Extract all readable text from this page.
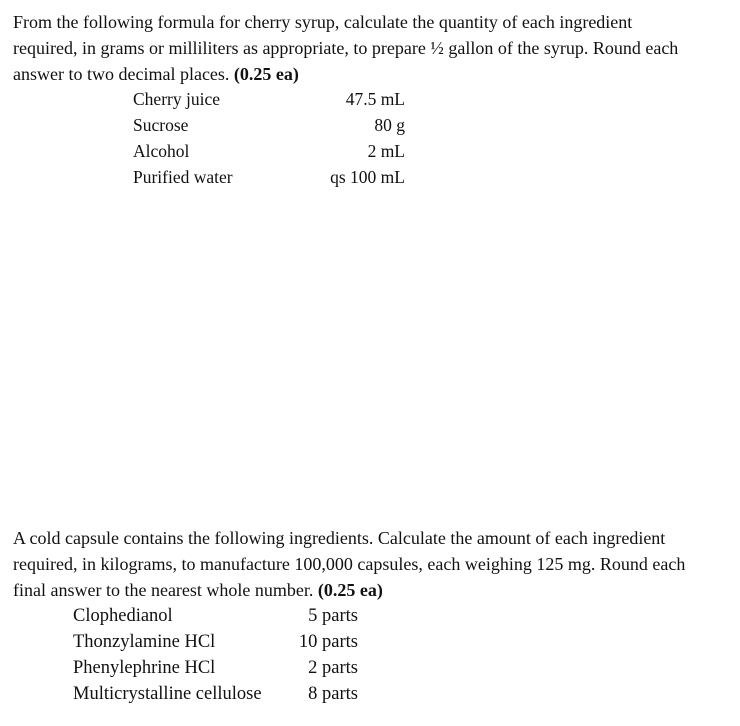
From the following formula for cherry syrup, calculate the quantity of each ingredient
required, in grams or milliliters as appropriate, to prepare ½ gallon of the syrup. Round each
answer to two decimal places. (0.25 ea)
Cherry juice	47.5 mL
Sucrose	80 g
Alcohol	2 mL
Purified water	qs 100 mL
A cold capsule contains the following ingredients. Calculate the amount of each ingredient
required, in kilograms, to manufacture 100,000 capsules, each weighing 125 mg. Round each
final answer to the nearest whole number. (0.25 ea)
Clophedianol	5 parts
Thonzylamine HCl	10 parts
Phenylephrine HCl	2 parts
Multicrystalline cellulose	8 parts
